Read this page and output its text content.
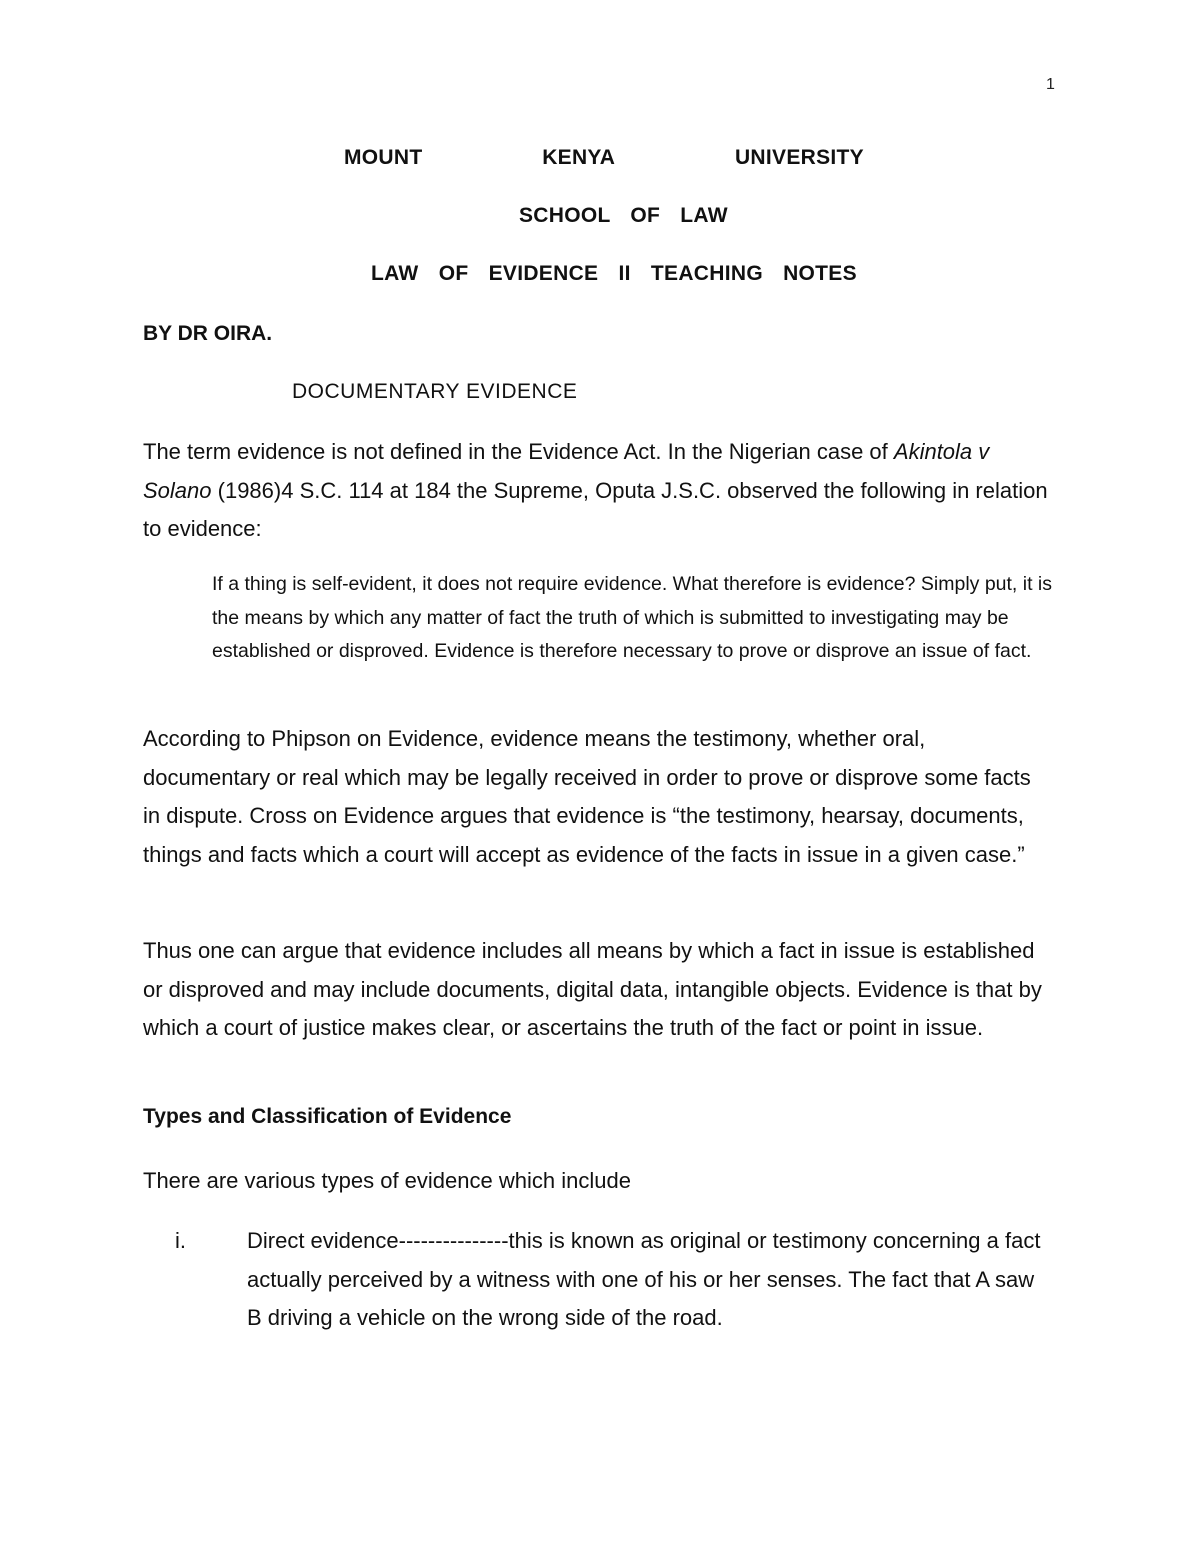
1
MOUNT	KENYA	UNIVERSITY
SCHOOL OF LAW
LAW OF EVIDENCE II TEACHING NOTES
BY DR OIRA.
DOCUMENTARY EVIDENCE

The term evidence is not defined in the Evidence Act. In the Nigerian case of Akintola v Solano (1986)4 S.C. 114 at 184 the Supreme, Oputa J.S.C. observed the following in relation to evidence:

If a thing is self-evident, it does not require evidence. What therefore is evidence? Simply put, it is the means by which any matter of fact the truth of which is submitted to investigating may be established or disproved. Evidence is therefore necessary to prove or disprove an issue of fact.

According to Phipson on Evidence, evidence means the testimony, whether oral, documentary or real which may be legally received in order to prove or disprove some facts in dispute. Cross on Evidence argues that evidence is “the testimony, hearsay, documents, things and facts which a court will accept as evidence of the facts in issue in a given case.”

Thus one can argue that evidence includes all means by which a fact in issue is established or disproved and may include documents, digital data, intangible objects. Evidence is that by which a court of justice makes clear, or ascertains the truth of the fact or point in issue.

Types and Classification of Evidence

There are various types of evidence which include

i.	Direct evidence---------------this is known as original or testimony concerning a fact actually perceived by a witness with one of his or her senses. The fact that A saw B driving a vehicle on the wrong side of the road.
